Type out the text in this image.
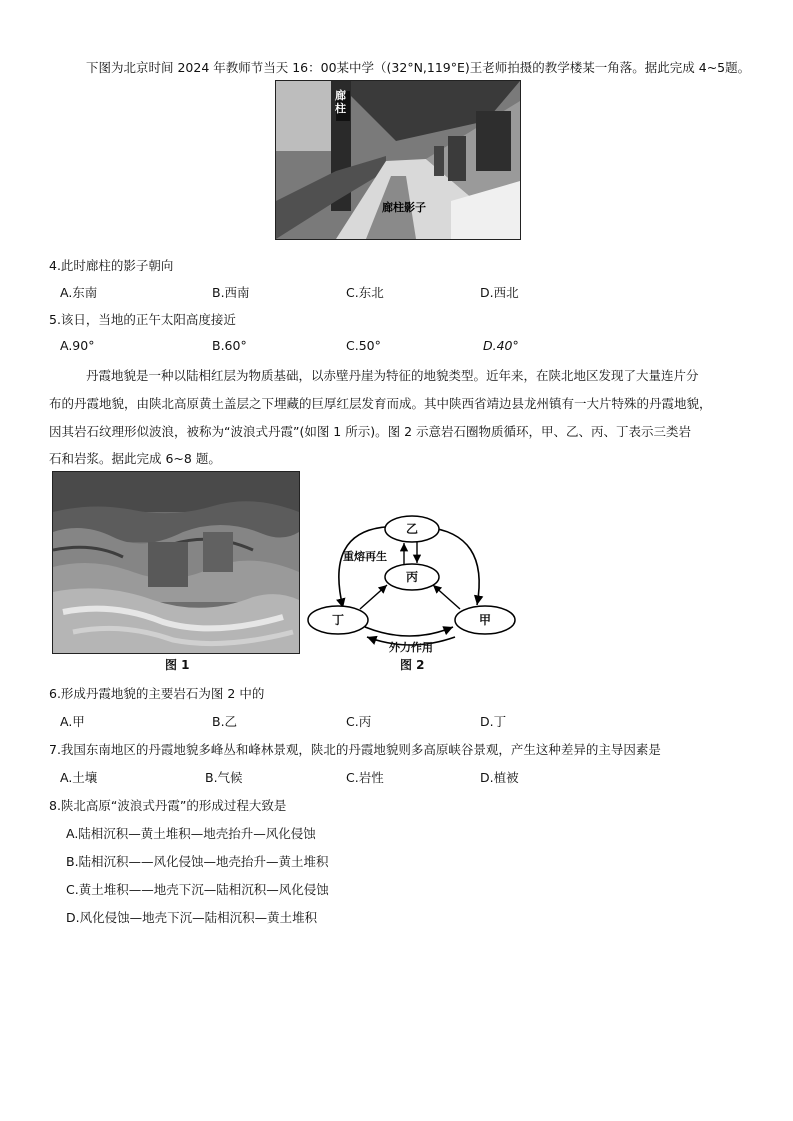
下图为北京时间 2024 年教师节当天 16：00某中学（(32°N,119°E)王老师拍摄的教学楼某一角落。据此完成 4~5题。
廊柱
廊柱影子
4.此时廊柱的影子朝向
A.东南	B.西南	C.东北	D.西北
5.该日，当地的正午太阳高度接近
A.90°	B.60°	C.50°	D.40°
丹霞地貌是一种以陆相红层为物质基础，以赤壁丹崖为特征的地貌类型。近年来，在陕北地区发现了大量连片分
布的丹霞地貌，由陕北高原黄土盖层之下埋藏的巨厚红层发育而成。其中陕西省靖边县龙州镇有一大片特殊的丹霞地貌，
因其岩石纹理形似波浪，被称为“波浪式丹霞”(如图 1 所示)。图 2 示意岩石圈物质循环，甲、乙、丙、丁表示三类岩
石和岩浆。据此完成 6~8 题。
图 1
乙
丙
丁	甲
重熔再生
外力作用
图 2
6.形成丹霞地貌的主要岩石为图 2 中的
A.甲	B.乙	C.丙	D.丁
7.我国东南地区的丹霞地貌多峰丛和峰林景观，陕北的丹霞地貌则多高原峡谷景观，产生这种差异的主导因素是
A.土壤	B.气候	C.岩性	D.植被
8.陕北高原“波浪式丹霞”的形成过程大致是
A.陆相沉积—黄土堆积—地壳抬升—风化侵蚀
B.陆相沉积——风化侵蚀—地壳抬升—黄土堆积
C.黄土堆积——地壳下沉—陆相沉积—风化侵蚀
D.风化侵蚀—地壳下沉—陆相沉积—黄土堆积
